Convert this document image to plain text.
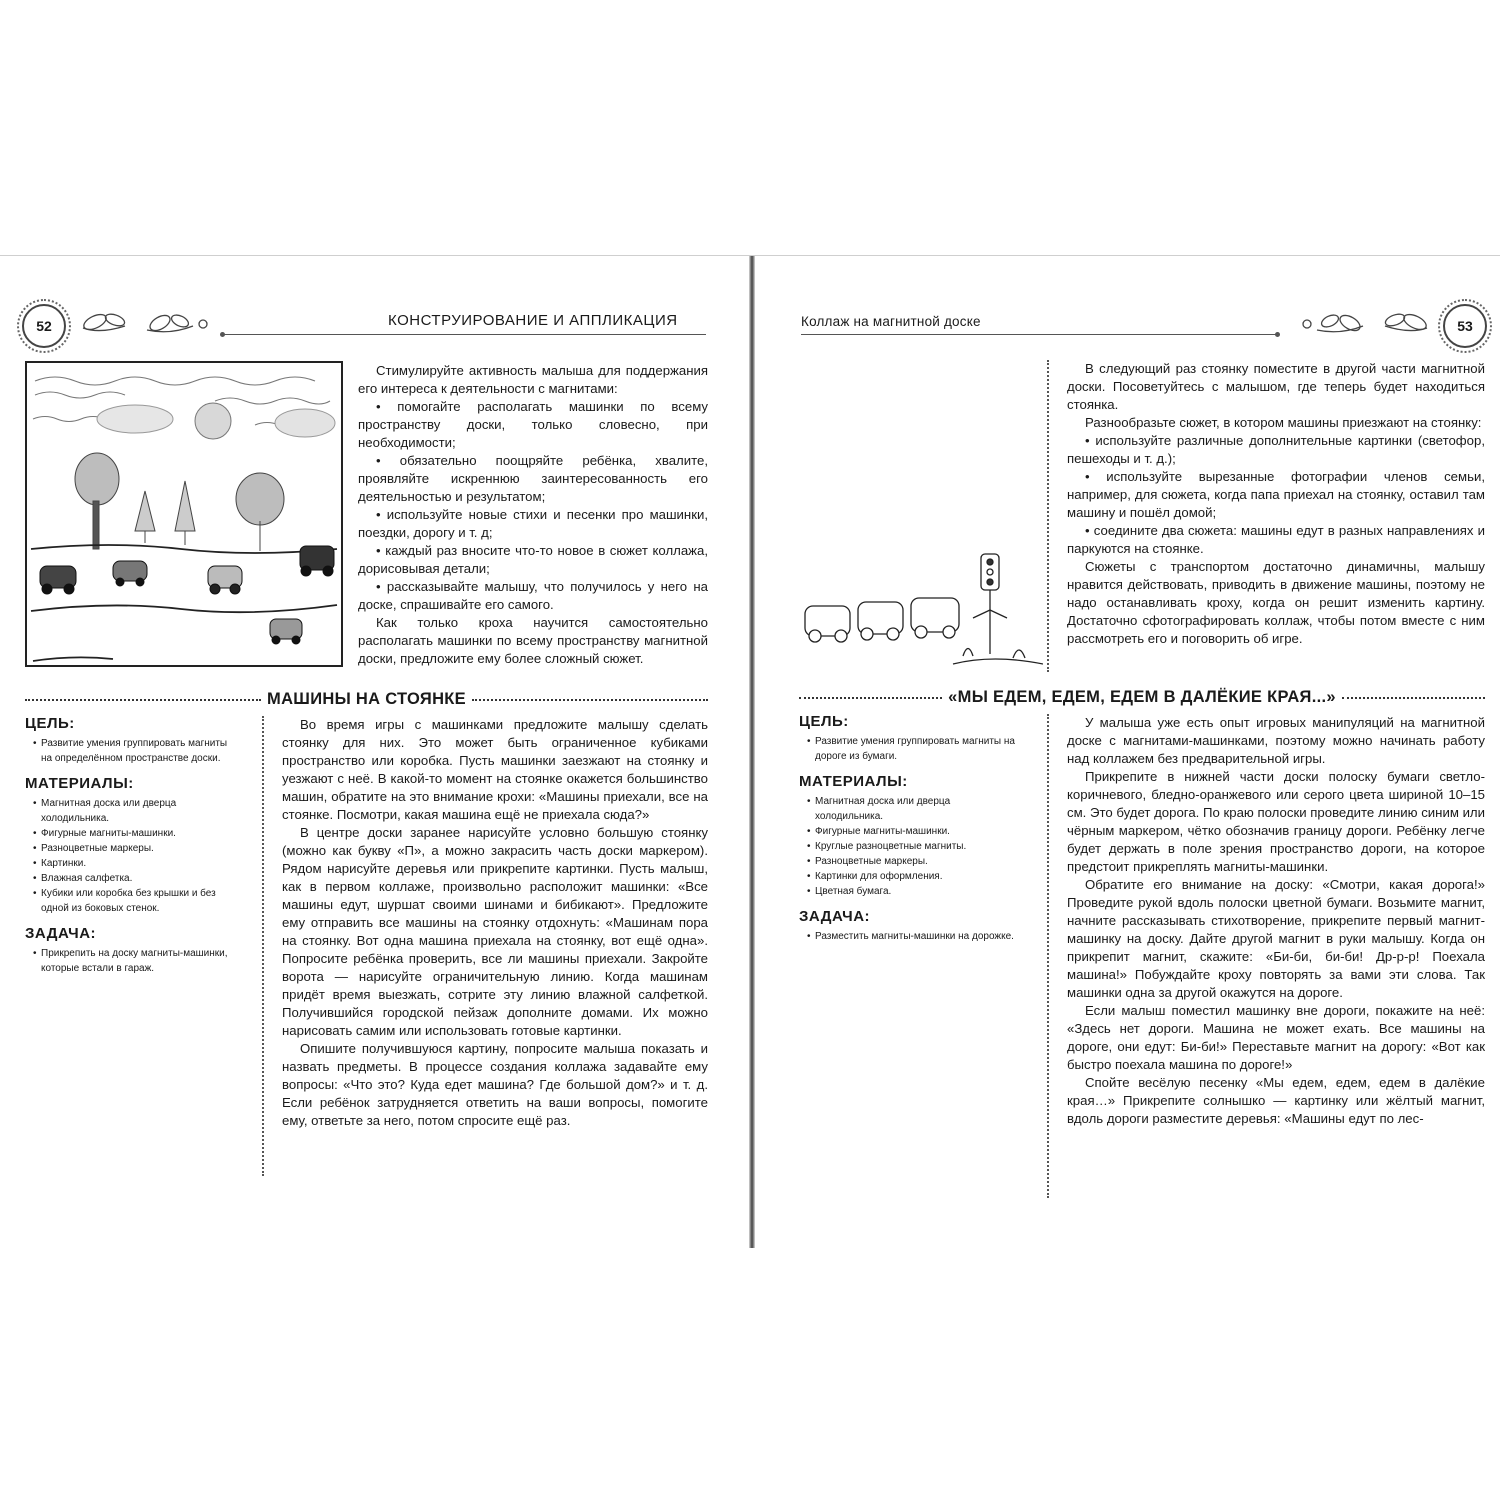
52	КОНСТРУИРОВАНИЕ И АППЛИКАЦИЯ

Стимулируйте активность малыша для поддержания его интереса к деятельности с магнитами:

• помогайте располагать машинки по всему пространству доски, только словесно, при необходимости;

• обязательно поощряйте ребёнка, хвалите, проявляйте искреннюю заинтересованность его деятельностью и результатом;

• используйте новые стихи и песенки про машинки, поездки, дорогу и т. д;

• каждый раз вносите что-то новое в сюжет коллажа, дорисовывая детали;

• рассказывайте малышу, что получилось у него на доске, спрашивайте его самого.

Как только кроха научится самостоятельно располагать машинки по всему пространству магнитной доски, предложите ему более сложный сюжет.

МАШИНЫ НА СТОЯНКЕ
ЦЕЛЬ:
• Развитие умения группировать магниты на определённом пространстве доски.
МАТЕРИАЛЫ:
• Магнитная доска или дверца холодильника.
• Фигурные магниты-машинки.
• Разноцветные маркеры.
• Картинки.
• Влажная салфетка.
• Кубики или коробка без крышки и без одной из боковых стенок.
ЗАДАЧА:
• Прикрепить на доску магниты-машинки, которые встали в гараж.

Во время игры с машинками предложите малышу сделать стоянку для них. Это может быть ограниченное кубиками пространство или коробка. Пусть машинки заезжают на стоянку и уезжают с неё. В какой-то момент на стоянке окажется большинство машин, обратите на это внимание крохи: «Машины приехали, все на стоянке. Посмотри, какая машина ещё не приехала сюда?»

В центре доски заранее нарисуйте условно большую стоянку (можно как букву «П», а можно закрасить часть доски маркером). Рядом нарисуйте деревья или прикрепите картинки. Пусть малыш, как в первом коллаже, произвольно расположит машинки: «Все машины едут, шуршат своими шинами и бибикают». Предложите ему отправить все машины на стоянку отдохнуть: «Машинам пора на стоянку. Вот одна машина приехала на стоянку, вот ещё одна». Попросите ребёнка проверить, все ли машины приехали. Закройте ворота — нарисуйте ограничительную линию. Когда машинам придёт время выезжать, сотрите эту линию влажной салфеткой. Получившийся городской пейзаж дополните домами. Их можно нарисовать самим или использовать готовые картинки.

Опишите получившуюся картину, попросите малыша показать и назвать предметы. В процессе создания коллажа задавайте ему вопросы: «Что это? Куда едет машина? Где большой дом?» и т. д. Если ребёнок затрудняется ответить на ваши вопросы, помогите ему, ответьте за него, потом спросите ещё раз.

Коллаж на магнитной доске	53

В следующий раз стоянку поместите в другой части магнитной доски. Посоветуйтесь с малышом, где теперь будет находиться стоянка.

Разнообразьте сюжет, в котором машины приезжают на стоянку:

• используйте различные дополнительные картинки (светофор, пешеходы и т. д.);

• используйте вырезанные фотографии членов семьи, например, для сюжета, когда папа приехал на стоянку, оставил там машину и пошёл домой;

• соедините два сюжета: машины едут в разных направлениях и паркуются на стоянке.

Сюжеты с транспортом достаточно динамичны, малышу нравится действовать, приводить в движение машины, поэтому не надо останавливать кроху, когда он решит изменить картину. Достаточно сфотографировать коллаж, чтобы потом вместе с ним рассмотреть его и поговорить об игре.

«МЫ ЕДЕМ, ЕДЕМ, ЕДЕМ В ДАЛЁКИЕ КРАЯ...»
ЦЕЛЬ:
• Развитие умения группировать магниты на дороге из бумаги.
МАТЕРИАЛЫ:
• Магнитная доска или дверца холодильника.
• Фигурные магниты-машинки.
• Круглые разноцветные магниты.
• Разноцветные маркеры.
• Картинки для оформления.
• Цветная бумага.
ЗАДАЧА:
• Разместить магниты-машинки на дорожке.

У малыша уже есть опыт игровых манипуляций на магнитной доске с магнитами-машинками, поэтому можно начинать работу над коллажем без предварительной игры.

Прикрепите в нижней части доски полоску бумаги светло-коричневого, бледно-оранжевого или серого цвета шириной 10–15 см. Это будет дорога. По краю полоски проведите линию синим или чёрным маркером, чётко обозначив границу дороги. Ребёнку легче будет держать в поле зрения пространство дороги, на которое предстоит прикреплять магниты-машинки.

Обратите его внимание на доску: «Смотри, какая дорога!» Проведите рукой вдоль полоски цветной бумаги. Возьмите магнит, начните рассказывать стихотворение, прикрепите первый магнит-машинку на доску. Дайте другой магнит в руки малышу. Когда он прикрепит магнит, скажите: «Би-би, би-би! Др-р-р! Поехала машина!» Побуждайте кроху повторять за вами эти слова. Так машинки одна за другой окажутся на дороге.

Если малыш поместил машинку вне дороги, покажите на неё: «Здесь нет дороги. Машина не может ехать. Все машины на дороге, они едут: Би-би!» Переставьте магнит на дорогу: «Вот как быстро поехала машина по дороге!»

Спойте весёлую песенку «Мы едем, едем, едем в далёкие края…» Прикрепите солнышко — картинку или жёлтый магнит, вдоль дороги разместите деревья: «Машины едут по лес-
